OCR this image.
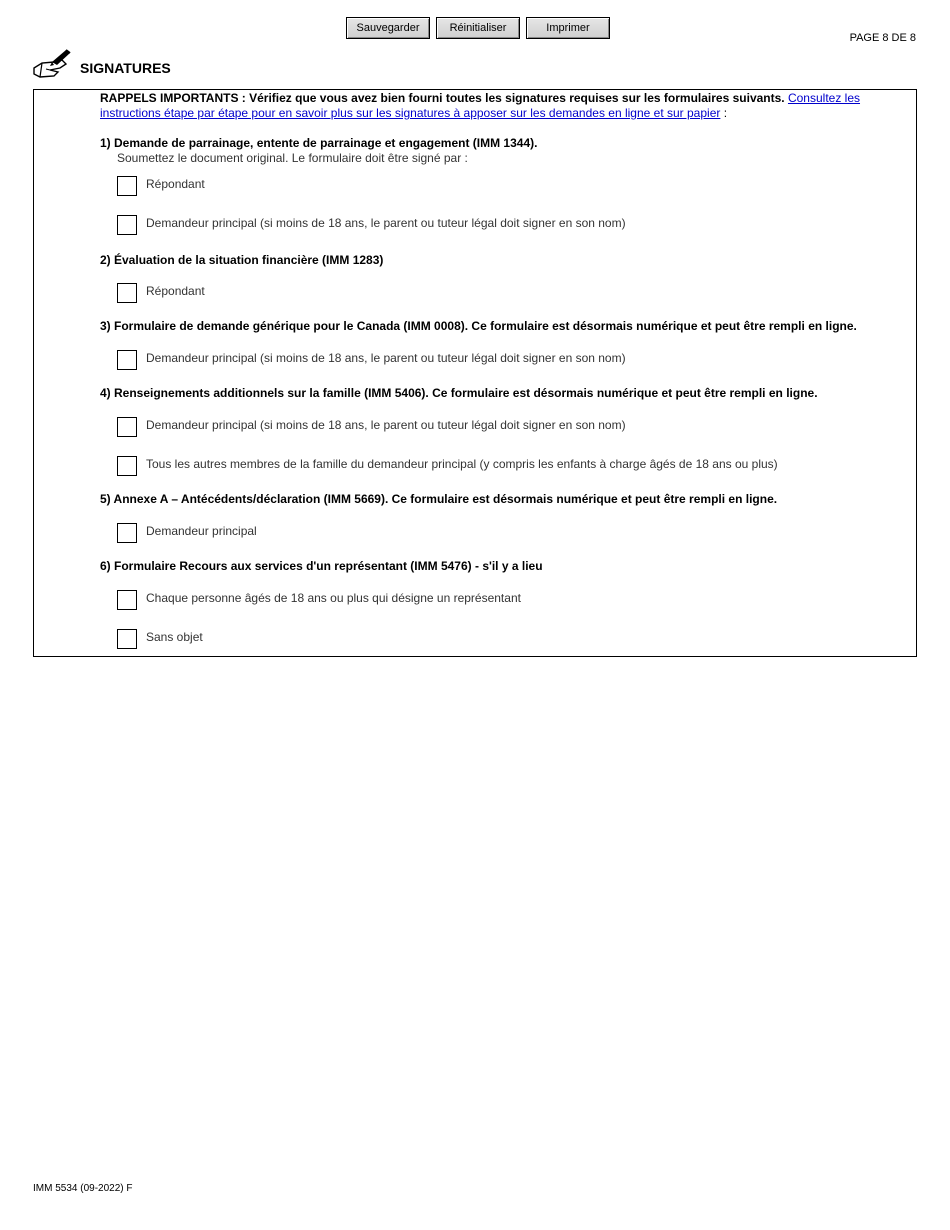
Sauvegarder	Réinitialiser	Imprimer
PAGE 8 DE 8
SIGNATURES
RAPPELS IMPORTANTS : Vérifiez que vous avez bien fourni toutes les signatures requises sur les formulaires suivants. Consultez les instructions étape par étape pour en savoir plus sur les signatures à apposer sur les demandes en ligne et sur papier :
1) Demande de parrainage, entente de parrainage et engagement (IMM 1344).
Soumettez le document original. Le formulaire doit être signé par :
Répondant
Demandeur principal (si moins de 18 ans, le parent ou tuteur légal doit signer en son nom)
2) Évaluation de la situation financière (IMM 1283)
Répondant
3) Formulaire de demande générique pour le Canada (IMM 0008). Ce formulaire est désormais numérique et peut être rempli en ligne.
Demandeur principal (si moins de 18 ans, le parent ou tuteur légal doit signer en son nom)
4) Renseignements additionnels sur la famille (IMM 5406). Ce formulaire est désormais numérique et peut être rempli en ligne.
Demandeur principal (si moins de 18 ans, le parent ou tuteur légal doit signer en son nom)
Tous les autres membres de la famille du demandeur principal (y compris les enfants à charge âgés de 18 ans ou plus)
5) Annexe A – Antécédents/déclaration (IMM 5669). Ce formulaire est désormais numérique et peut être rempli en ligne.
Demandeur principal
6) Formulaire Recours aux services d'un représentant (IMM 5476) - s'il y a lieu
Chaque personne âgés de 18 ans ou plus qui désigne un représentant
Sans objet
IMM 5534 (09-2022) F
